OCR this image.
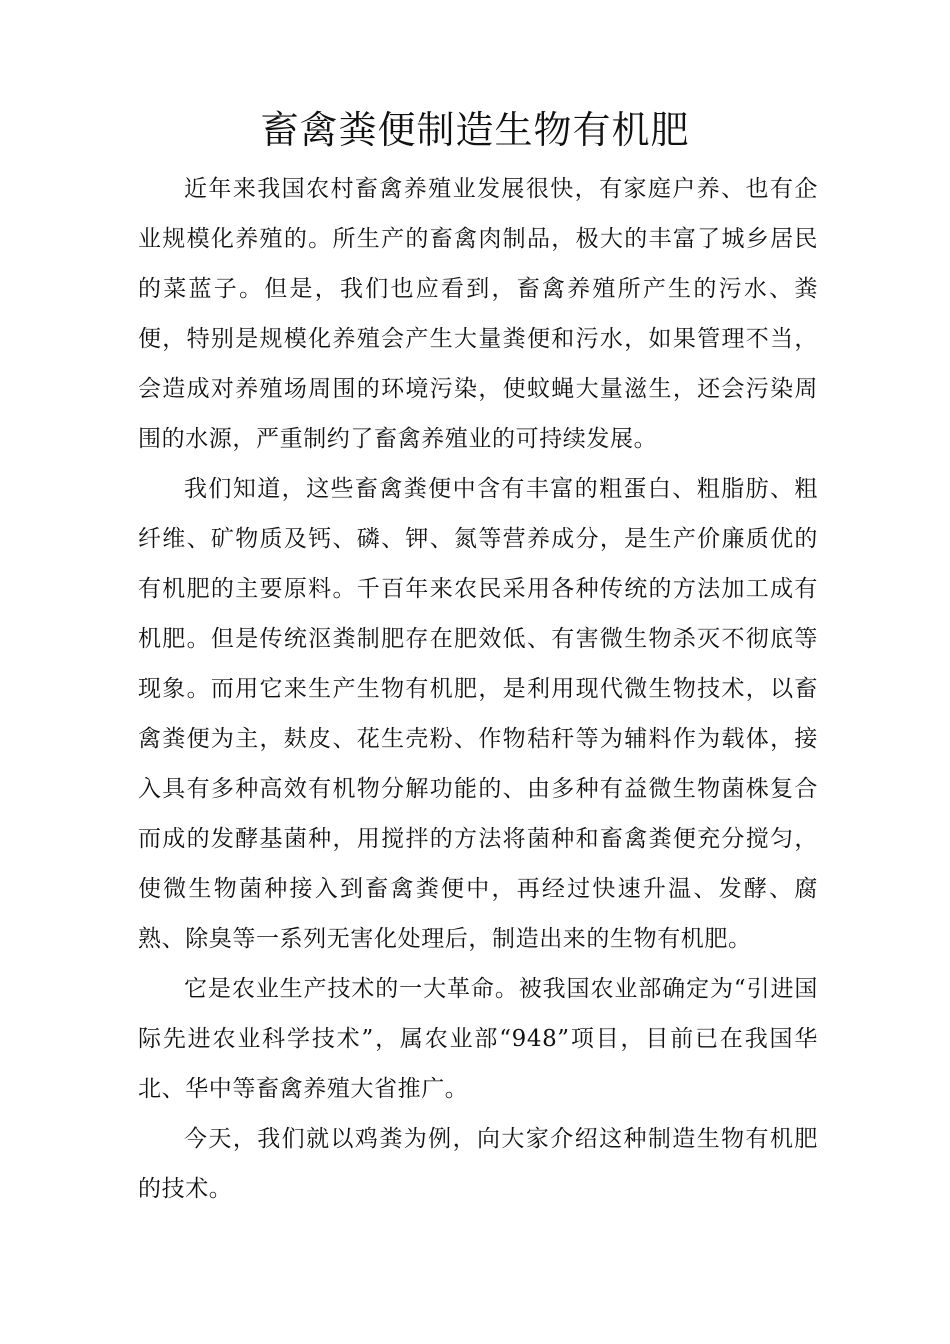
畜禽粪便制造生物有机肥

近年来我国农村畜禽养殖业发展很快，有家庭户养、也有企业规模化养殖的。所生产的畜禽肉制品，极大的丰富了城乡居民的菜蓝子。但是，我们也应看到，畜禽养殖所产生的污水、粪便，特别是规模化养殖会产生大量粪便和污水，如果管理不当，会造成对养殖场周围的环境污染，使蚊蝇大量滋生，还会污染周围的水源，严重制约了畜禽养殖业的可持续发展。

我们知道，这些畜禽粪便中含有丰富的粗蛋白、粗脂肪、粗纤维、矿物质及钙、磷、钾、氮等营养成分，是生产价廉质优的有机肥的主要原料。千百年来农民采用各种传统的方法加工成有机肥。但是传统沤粪制肥存在肥效低、有害微生物杀灭不彻底等现象。而用它来生产生物有机肥，是利用现代微生物技术，以畜禽粪便为主，麸皮、花生壳粉、作物秸秆等为辅料作为载体，接入具有多种高效有机物分解功能的、由多种有益微生物菌株复合而成的发酵基菌种，用搅拌的方法将菌种和畜禽粪便充分搅匀，使微生物菌种接入到畜禽粪便中，再经过快速升温、发酵、腐熟、除臭等一系列无害化处理后，制造出来的生物有机肥。

它是农业生产技术的一大革命。被我国农业部确定为“引进国际先进农业科学技术”，属农业部“948”项目，目前已在我国华北、华中等畜禽养殖大省推广。

今天，我们就以鸡粪为例，向大家介绍这种制造生物有机肥的技术。
